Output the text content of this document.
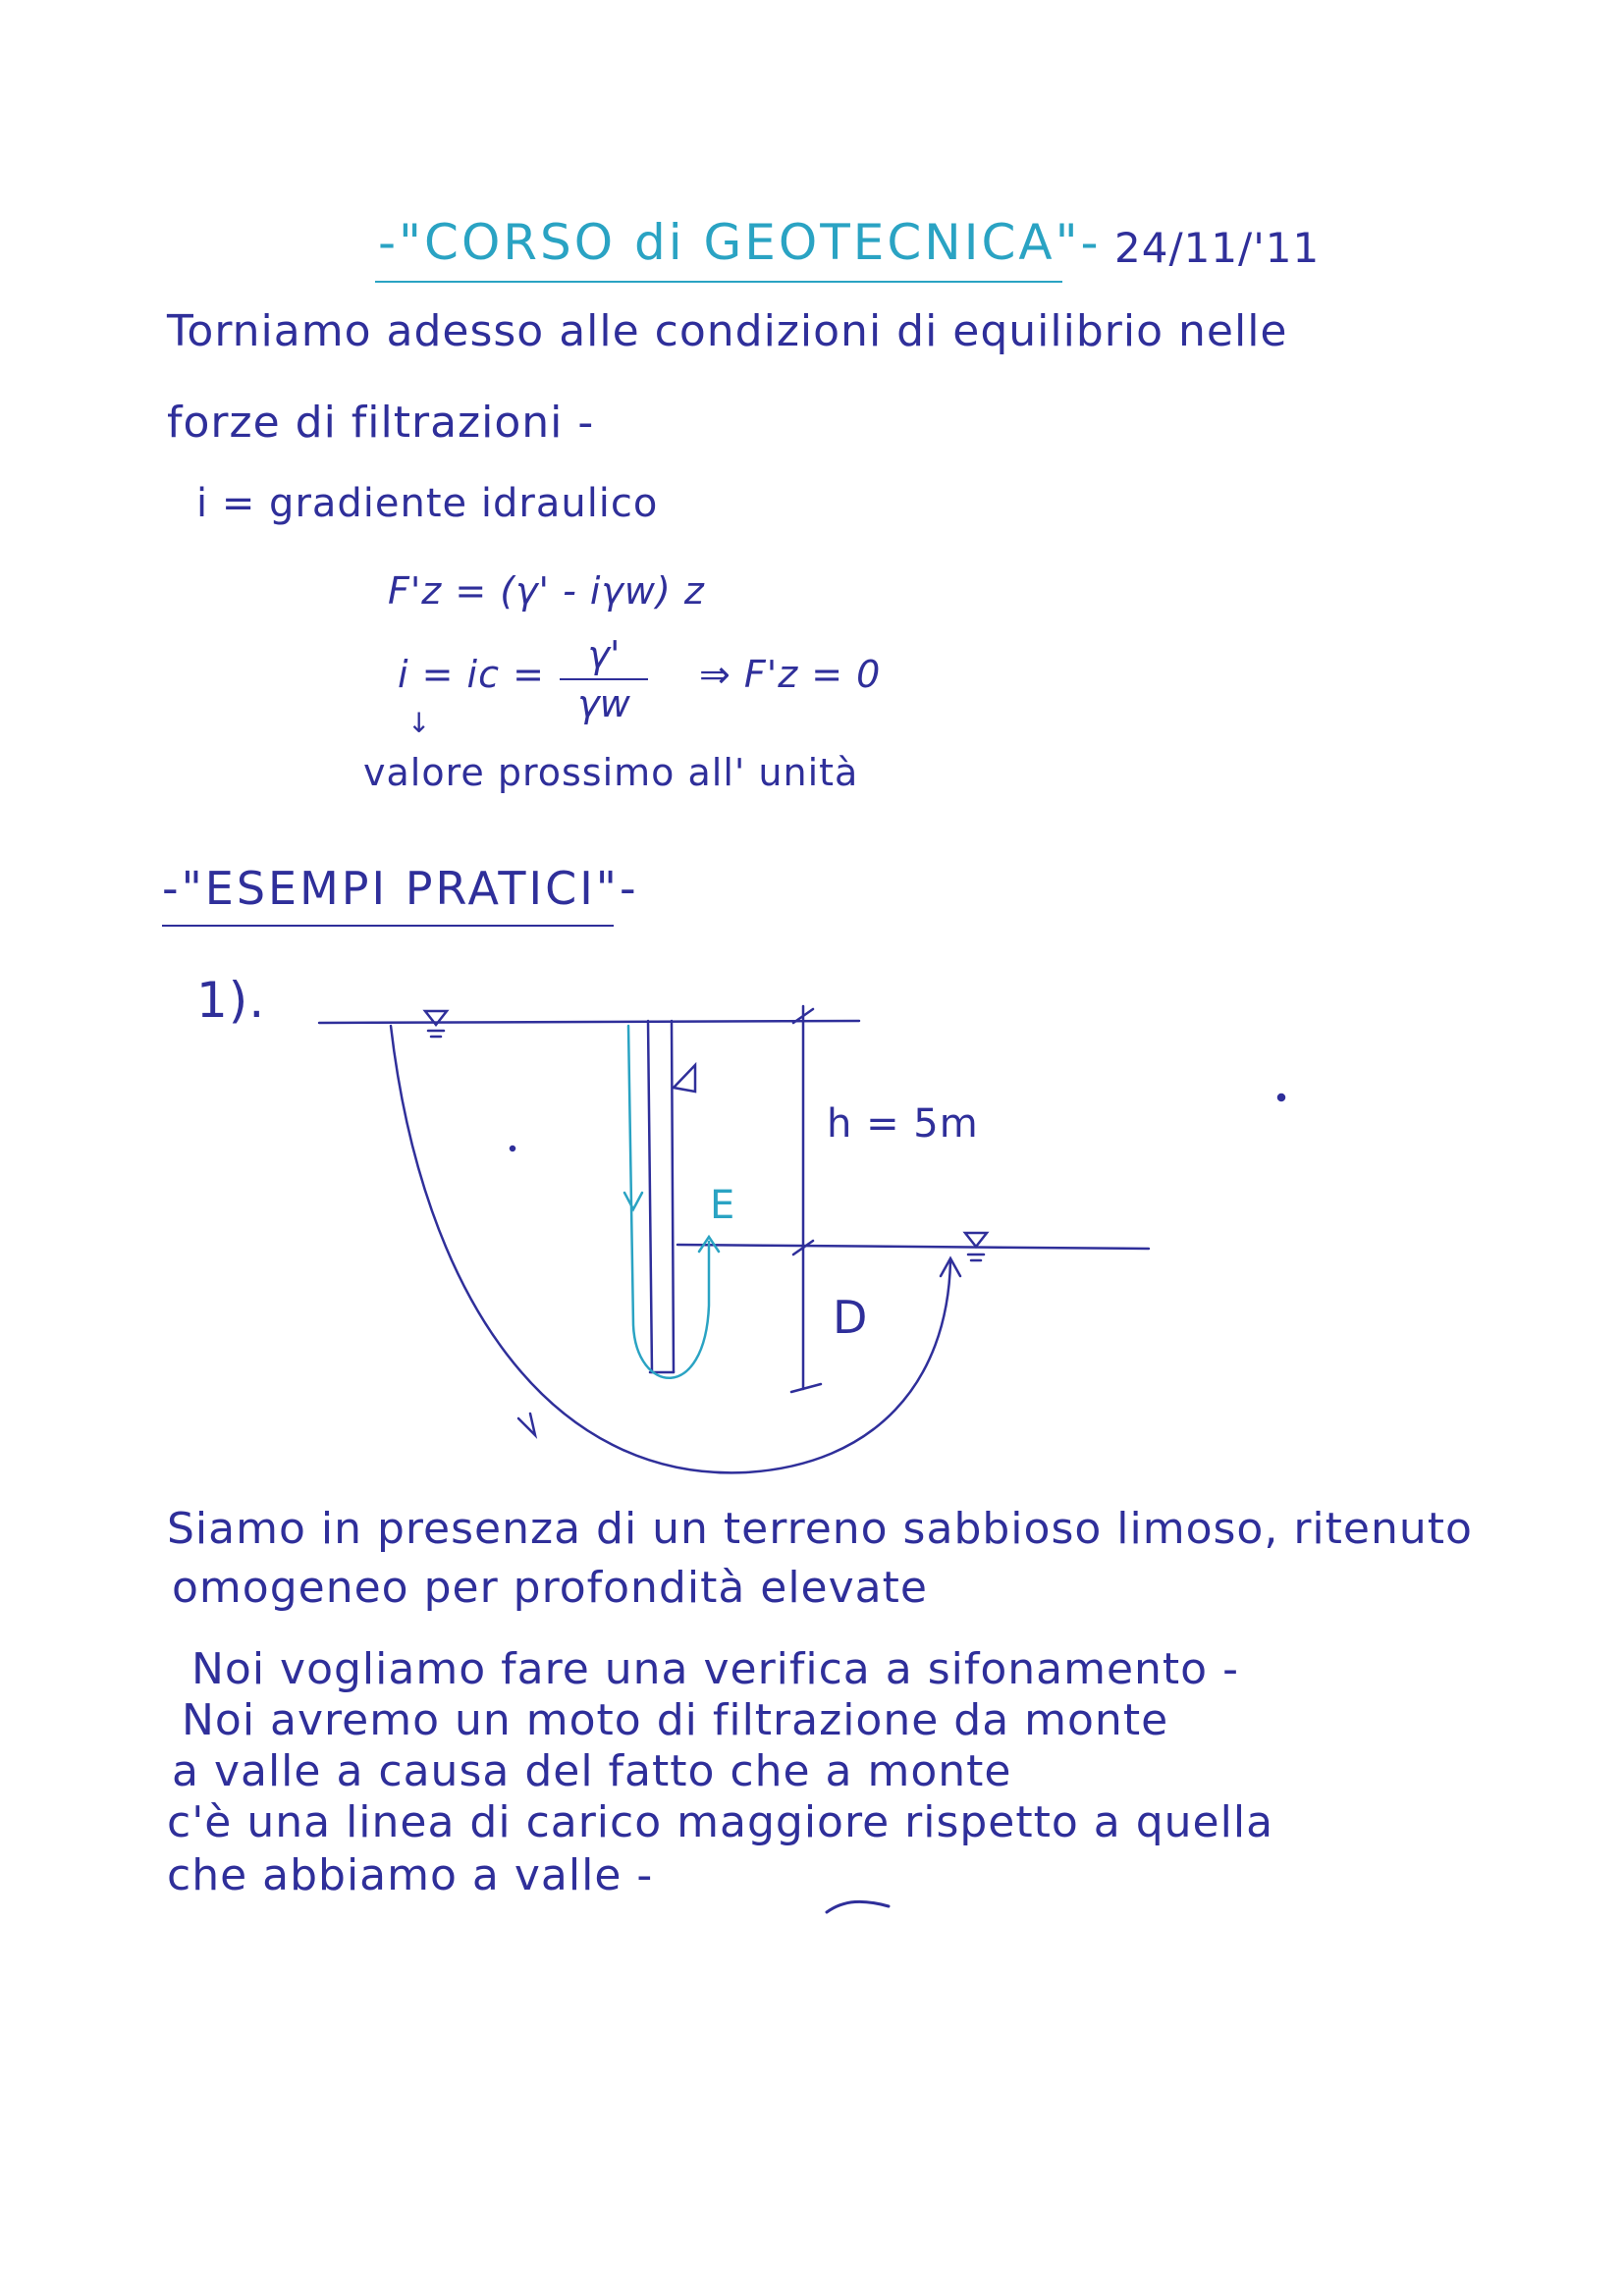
-"CORSO di GEOTECNICA"- 24/11/'11
Torniamo adesso alle condizioni di equilibrio nelle
forze di filtrazioni -
i = gradiente idraulico
F'z = (γ' - iγw) z
i = ic = $\frac{\gamma'}{\gamma w}$ ⇒ F'z = 0
↓
valore prossimo all' unità
-"ESEMPI PRATICI"-
1).
h = 5m
E
D
Siamo in presenza di un terreno sabbioso limoso, ritenuto
omogeneo per profondità elevate
Noi vogliamo fare una verifica a sifonamento -
Noi avremo un moto di filtrazione da monte
a valle a causa del fatto che a monte
c'è una linea di carico maggiore rispetto a quella
che abbiamo a valle -
